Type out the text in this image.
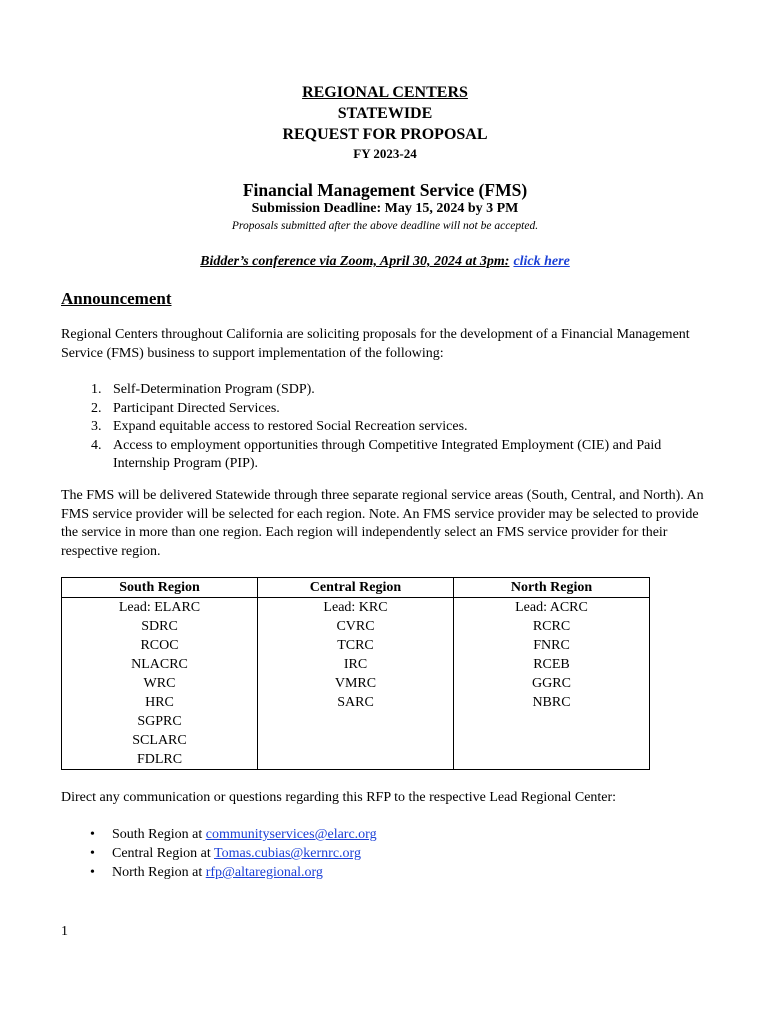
REGIONAL CENTERS
STATEWIDE
REQUEST FOR PROPOSAL
FY 2023-24
Financial Management Service (FMS)
Submission Deadline: May 15, 2024 by 3 PM
Proposals submitted after the above deadline will not be accepted.
Bidder’s conference via Zoom, April 30, 2024 at 3pm: click here
Announcement
Regional Centers throughout California are soliciting proposals for the development of a Financial Management Service (FMS) business to support implementation of the following:
1. Self-Determination Program (SDP).
2. Participant Directed Services.
3. Expand equitable access to restored Social Recreation services.
4. Access to employment opportunities through Competitive Integrated Employment (CIE) and Paid Internship Program (PIP).
The FMS will be delivered Statewide through three separate regional service areas (South, Central, and North). An FMS service provider will be selected for each region. Note. An FMS service provider may be selected to provide the service in more than one region. Each region will independently select an FMS service provider for their respective region.
South Region	Central Region	North Region
Lead: ELARC	Lead: KRC	Lead: ACRC
SDRC	CVRC	RCRC
RCOC	TCRC	FNRC
NLACRC	IRC	RCEB
WRC	VMRC	GGRC
HRC	SARC	NBRC
SGPRC		
SCLARC		
FDLRC		
Direct any communication or questions regarding this RFP to the respective Lead Regional Center:
• South Region at communityservices@elarc.org
• Central Region at Tomas.cubias@kernrc.org
• North Region at rfp@altaregional.org
1
